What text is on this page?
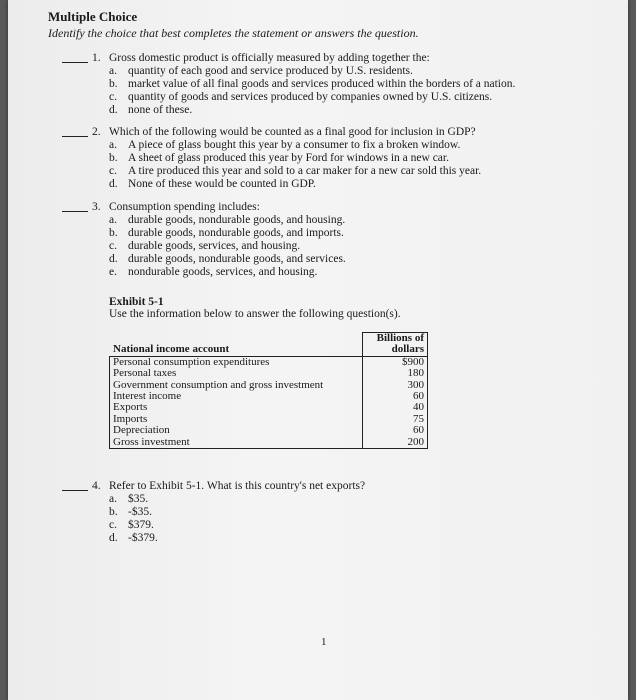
Multiple Choice
Identify the choice that best completes the statement or answers the question.
1. Gross domestic product is officially measured by adding together the:
a. quantity of each good and service produced by U.S. residents.
b. market value of all final goods and services produced within the borders of a nation.
c. quantity of goods and services produced by companies owned by U.S. citizens.
d. none of these.
2. Which of the following would be counted as a final good for inclusion in GDP?
a. A piece of glass bought this year by a consumer to fix a broken window.
b. A sheet of glass produced this year by Ford for windows in a new car.
c. A tire produced this year and sold to a car maker for a new car sold this year.
d. None of these would be counted in GDP.
3. Consumption spending includes:
a. durable goods, nondurable goods, and housing.
b. durable goods, nondurable goods, and imports.
c. durable goods, services, and housing.
d. durable goods, nondurable goods, and services.
e. nondurable goods, services, and housing.
Exhibit 5-1
Use the information below to answer the following question(s).
National income account	Billions of
dollars

Personal consumption expenditures	$900
Personal taxes	180
Government consumption and gross investment	300
Interest income	60
Exports	40
Imports	75
Depreciation	60
Gross investment	200
4. Refer to Exhibit 5-1. What is this country's net exports?
a. $35.
b. -$35.
c. $379.
d. -$379.
1
